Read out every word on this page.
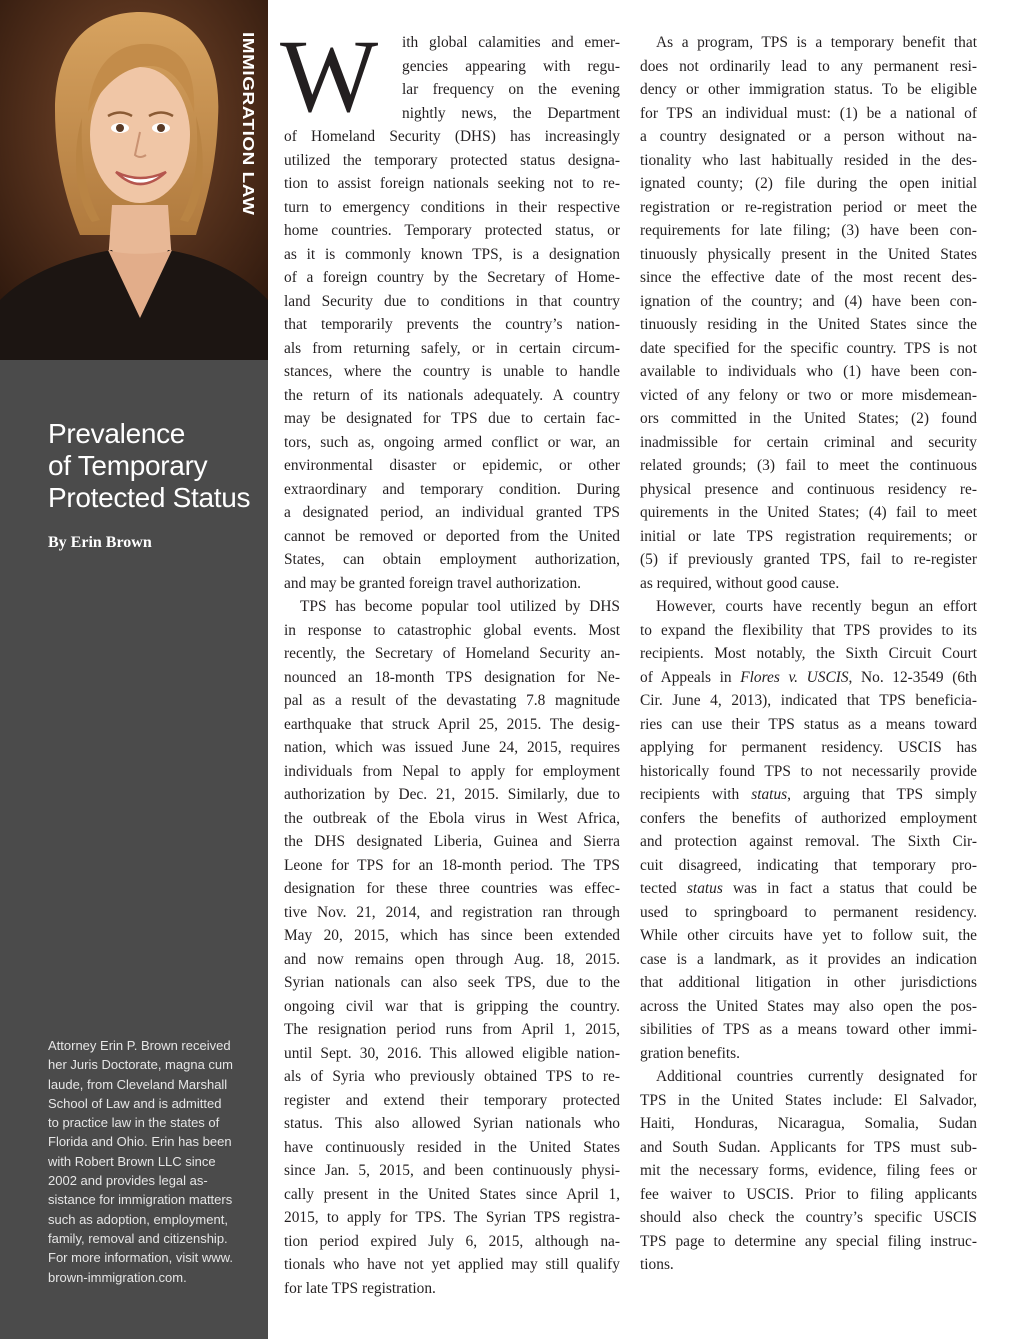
IMMIGRATION LAW
Prevalence
of Temporary
Protected Status
By Erin Brown
Attorney Erin P. Brown received
her Juris Doctorate, magna cum
laude, from Cleveland Marshall
School of Law and is admitted
to practice law in the states of
Florida and Ohio. Erin has been
with Robert Brown LLC since
2002 and provides legal as-
sistance for immigration matters
such as adoption, employment,
family, removal and citizenship.
For more information, visit www.
brown-immigration.com.
W	ith global calamities and emer-
gencies appearing with regu-
lar frequency on the evening
nightly news, the Department
of Homeland Security (DHS) has increasingly
utilized the temporary protected status designa-
tion to assist foreign nationals seeking not to re-
turn to emergency conditions in their respective
home countries. Temporary protected status, or
as it is commonly known TPS, is a designation
of a foreign country by the Secretary of Home-
land Security due to conditions in that country
that temporarily prevents the country’s nation-
als from returning safely, or in certain circum-
stances, where the country is unable to handle
the return of its nationals adequately. A country
may be designated for TPS due to certain fac-
tors, such as, ongoing armed conflict or war, an
environmental disaster or epidemic, or other
extraordinary and temporary condition. During
a designated period, an individual granted TPS
cannot be removed or deported from the United
States, can obtain employment authorization,
and may be granted foreign travel authorization.
TPS has become popular tool utilized by DHS
in response to catastrophic global events. Most
recently, the Secretary of Homeland Security an-
nounced an 18-month TPS designation for Ne-
pal as a result of the devastating 7.8 magnitude
earthquake that struck April 25, 2015. The desig-
nation, which was issued June 24, 2015, requires
individuals from Nepal to apply for employment
authorization by Dec. 21, 2015. Similarly, due to
the outbreak of the Ebola virus in West Africa,
the DHS designated Liberia, Guinea and Sierra
Leone for TPS for an 18-month period. The TPS
designation for these three countries was effec-
tive Nov. 21, 2014, and registration ran through
May 20, 2015, which has since been extended
and now remains open through Aug. 18, 2015.
Syrian nationals can also seek TPS, due to the
ongoing civil war that is gripping the country.
The resignation period runs from April 1, 2015,
until Sept. 30, 2016. This allowed eligible nation-
als of Syria who previously obtained TPS to re-
register and extend their temporary protected
status. This also allowed Syrian nationals who
have continuously resided in the United States
since Jan. 5, 2015, and been continuously physi-
cally present in the United States since April 1,
2015, to apply for TPS. The Syrian TPS registra-
tion period expired July 6, 2015, although na-
tionals who have not yet applied may still qualify
for late TPS registration.
As a program, TPS is a temporary benefit that
does not ordinarily lead to any permanent resi-
dency or other immigration status. To be eligible
for TPS an individual must: (1) be a national of
a country designated or a person without na-
tionality who last habitually resided in the des-
ignated county; (2) file during the open initial
registration or re-registration period or meet the
requirements for late filing; (3) have been con-
tinuously physically present in the United States
since the effective date of the most recent des-
ignation of the country; and (4) have been con-
tinuously residing in the United States since the
date specified for the specific country. TPS is not
available to individuals who (1) have been con-
victed of any felony or two or more misdemean-
ors committed in the United States; (2) found
inadmissible for certain criminal and security
related grounds; (3) fail to meet the continuous
physical presence and continuous residency re-
quirements in the United States; (4) fail to meet
initial or late TPS registration requirements; or
(5) if previously granted TPS, fail to re-register
as required, without good cause.
However, courts have recently begun an effort
to expand the flexibility that TPS provides to its
recipients. Most notably, the Sixth Circuit Court
of Appeals in Flores v. USCIS, No. 12-3549 (6th
Cir. June 4, 2013), indicated that TPS beneficia-
ries can use their TPS status as a means toward
applying for permanent residency. USCIS has
historically found TPS to not necessarily provide
recipients with status, arguing that TPS simply
confers the benefits of authorized employment
and protection against removal. The Sixth Cir-
cuit disagreed, indicating that temporary pro-
tected status was in fact a status that could be
used to springboard to permanent residency.
While other circuits have yet to follow suit, the
case is a landmark, as it provides an indication
that additional litigation in other jurisdictions
across the United States may also open the pos-
sibilities of TPS as a means toward other immi-
gration benefits.
Additional countries currently designated for
TPS in the United States include: El Salvador,
Haiti, Honduras, Nicaragua, Somalia, Sudan
and South Sudan. Applicants for TPS must sub-
mit the necessary forms, evidence, filing fees or
fee waiver to USCIS. Prior to filing applicants
should also check the country’s specific USCIS
TPS page to determine any special filing instruc-
tions.
